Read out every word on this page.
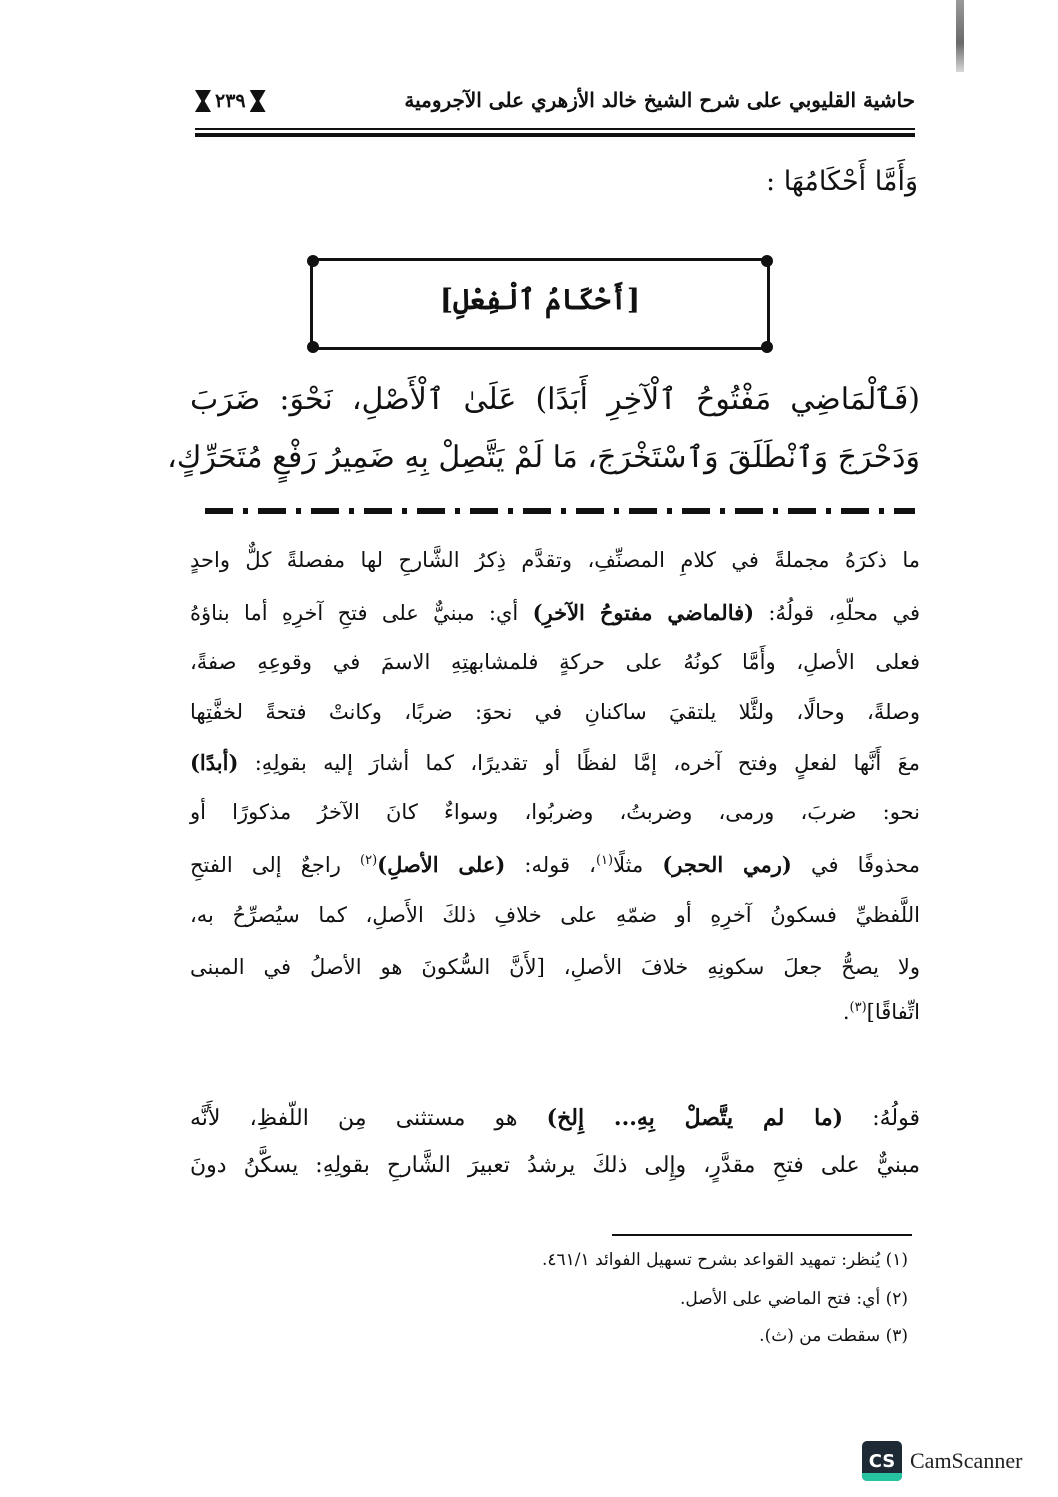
حاشية القليوبي على شرح الشيخ خالد الأزهري على الآجرومية
٢٣٩
وَأَمَّا أَحْكَامُهَا :
[أَحْكَامُ ٱلْفِعْلِ]
(فَٱلْمَاضِي مَفْتُوحُ ٱلْآخِرِ أَبَدًا) عَلَىٰ ٱلْأَصْلِ، نَحْوَ: ضَرَبَ
وَدَحْرَجَ وَٱنْطَلَقَ وَٱسْتَخْرَجَ، مَا لَمْ يَتَّصِلْ بِهِ ضَمِيرُ رَفْعٍ مُتَحَرِّكٍ،
ما ذكرَهُ مجملةً في كلامِ المصنِّفِ، وتقدَّم ذِكرُ الشَّارحِ لها مفصلةً كلٌّ واحدٍ
في محلّهِ، قولُهُ: (فالماضي مفتوحُ الآخرِ) أي: مبنيٌّ على فتحِ آخرِهِ أما بناؤهُ
فعلى الأصلِ، وأَمَّا كونُهُ على حركةٍ فلمشابهتِهِ الاسمَ في وقوعِهِ صفةً،
وصلةً، وحالًا، ولئَّلا يلتقيَ ساكنانِ في نحوَ: ضربًا، وكانتْ فتحةً لخفَّتِها
معَ أَنَّها لفعلٍ وفتح آخره، إمَّا لفظًا أو تقديرًا، كما أشارَ إليه بقولِهِ: (أبدًا)
نحو: ضربَ، ورمى، وضربتُ، وضربُوا، وسواءٌ كانَ الآخرُ مذكورًا أو
محذوفًا في (رمي الحجر) مثلًا$^{(١)}$، قوله: (على الأصلِ)$^{(٢)}$ راجعٌ إلى الفتحِ
اللَّفظيِّ فسكونُ آخرِهِ أو ضمّهِ على خلافِ ذلكَ الأَصلِ، كما سيُصرِّحُ به،
ولا يصحُّ جعلَ سكونِهِ خلافَ الأصلِ، [لأَنَّ السُّكونَ هو الأصلُ في المبنى
اتِّفاقًا]$^{(٣)}$.
قولُهُ: (ما لم يتَّصلْ بِهِ... إِلخ) هو مستثنى مِن اللّفظِ، لأَنَّه
مبنيٌّ على فتحِ مقدَّرٍ، وإِلى ذلكَ يرشدُ تعبيرَ الشَّارحِ بقولِهِ: يسكَّنُ دونَ
(١) يُنظر: تمهيد القواعد بشرح تسهيل الفوائد ٤٦١/١.
(٢) أي: فتح الماضي على الأصل.
(٣) سقطت من (ث).
CS CamScanner
